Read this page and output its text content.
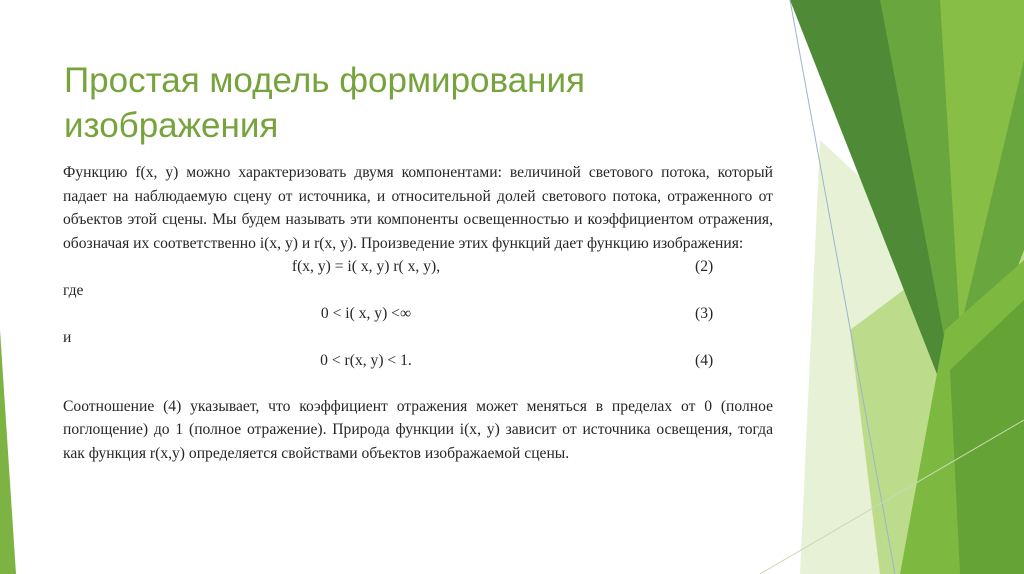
Простая модель формирования изображения

Функцию f(x, y) можно характеризовать двумя компонентами: величиной светового потока, который падает на наблюдаемую сцену от источника, и относительной долей светового потока, отраженного от объектов этой сцены. Мы будем называть эти компоненты освещенностью и коэффициентом отражения, обозначая их соответственно i(x, y) и r(x, y). Произведение этих функций дает функцию изображения:

f(x, y) = i( x, y) r( x, y),	(2)
где
0 < i( x, y) <∞	(3)
и
0 < r(x, y) < 1.	(4)

Соотношение (4) указывает, что коэффициент отражения может меняться в пределах от 0 (полное поглощение) до 1 (полное отражение). Природа функции i(x, y) зависит от источника освещения, тогда как функция r(x,y) определяется свойствами объектов изображаемой сцены.
